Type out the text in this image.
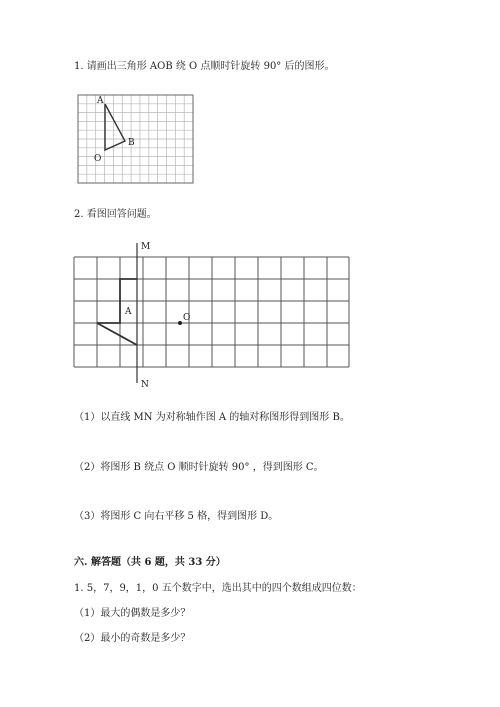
1. 请画出三角形 AOB 绕 O 点顺时针旋转 90° 后的图形。
A
B
O
2. 看图回答问题。
M
N
A
O
（1）以直线 MN 为对称轴作图 A 的轴对称图形得到图形 B。
（2）将图形 B 绕点 O 顺时针旋转 90° ，得到图形 C。
（3）将图形 C 向右平移 5 格，得到图形 D。
六. 解答题（共 6 题，共 33 分）
1. 5，7，9，1，0 五个数字中，选出其中的四个数组成四位数：
（1）最大的偶数是多少？
（2）最小的奇数是多少？
